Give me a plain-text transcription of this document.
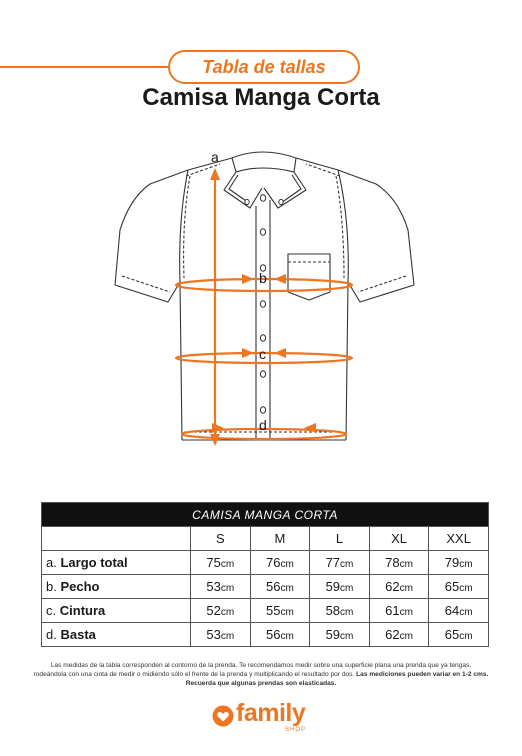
Tabla de tallas
Camisa Manga Corta
a
b
c
d
CAMISA MANGA CORTA					
	S	M	L	XL	XXL
a. Largo total	75cm	76cm	77cm	78cm	79cm
b. Pecho	53cm	56cm	59cm	62cm	65cm
c. Cintura	52cm	55cm	58cm	61cm	64cm
d. Basta	53cm	56cm	59cm	62cm	65cm
Las medidas de la tabla corresponden al contorno de la prenda. Te recomendamos medir sobre una superficie plana una prenda que ya tengas,
rodeándola con una cinta de medir o midiendo sólo el frente de la prenda y multiplicando el resultado por dos. Las mediciones pueden variar en 1-2 cms.
Recuerda que algunas prendas son elasticadas.
family
SHOP
